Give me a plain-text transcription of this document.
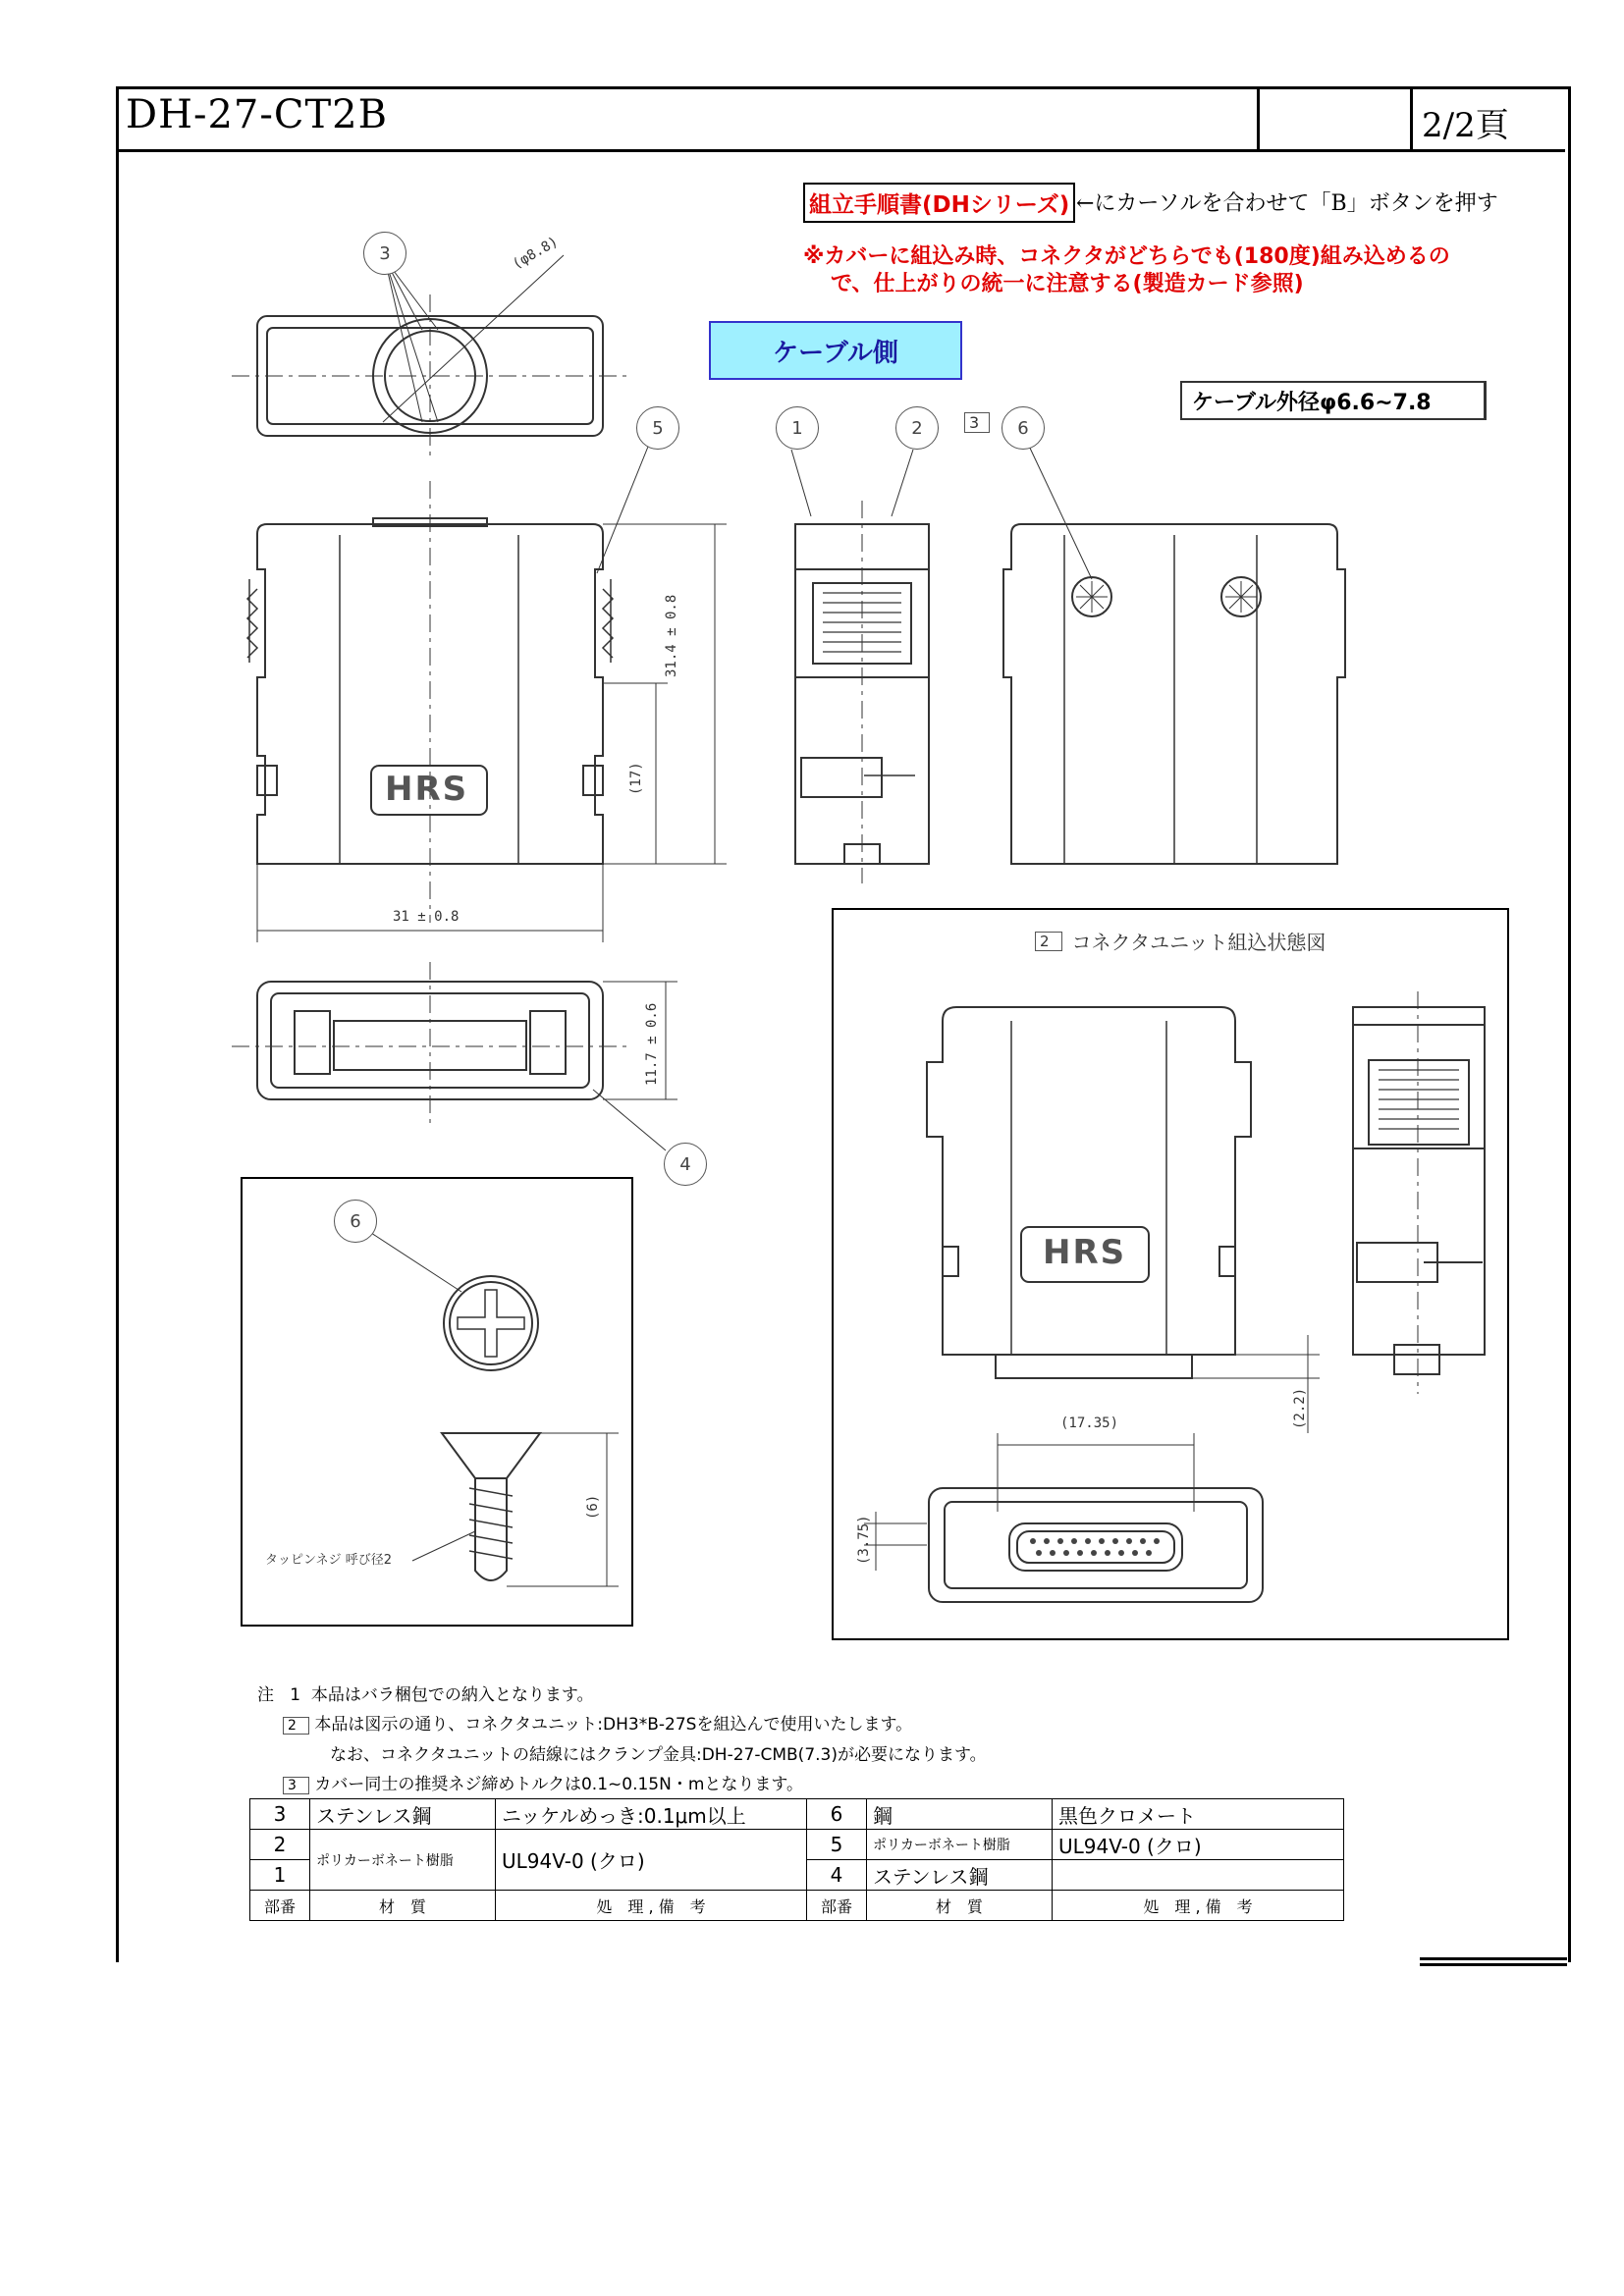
DH-27-CT2B	2/2頁
組立手順書(DHシリーズ) ←にカーソルを合わせて「B」ボタンを押す
※カバーに組込み時、コネクタがどちらでも(180度)組み込めるの
で、仕上がりの統一に注意する(製造カード参照)
ケーブル側
ケーブル外径φ6.6~7.8
HRS
HRS
3
5	1	2	3	6
4
6
(φ8.8)
31.4 ± 0.8
(17)
31 ± 0.8
11.7 ± 0.6
(17.35)	(2.2)
(3.75)
(6)
2	コネクタユニット組込状態図
タッピンネジ 呼び径2
注 1 本品はバラ梱包での納入となります。
2 本品は図示の通り、コネクタユニット:DH3*B-27Sを組込んで使用いたします。
なお、コネクタユニットの結線にはクランプ金具:DH-27-CMB(7.3)が必要になります。
3 カバー同士の推奨ネジ締めトルクは0.1~0.15N・mとなります。
3	ステンレス鋼	ニッケルめっき:0.1μm以上	6	鋼	黒色クロメート
2	ポリカーボネート樹脂	UL94V-0 (クロ)	5	ポリカーボネート樹脂	UL94V-0 (クロ)
1			4	ステンレス鋼	
部番	材　質	処　理 , 備　考	部番	材　質	処　理 , 備　考
